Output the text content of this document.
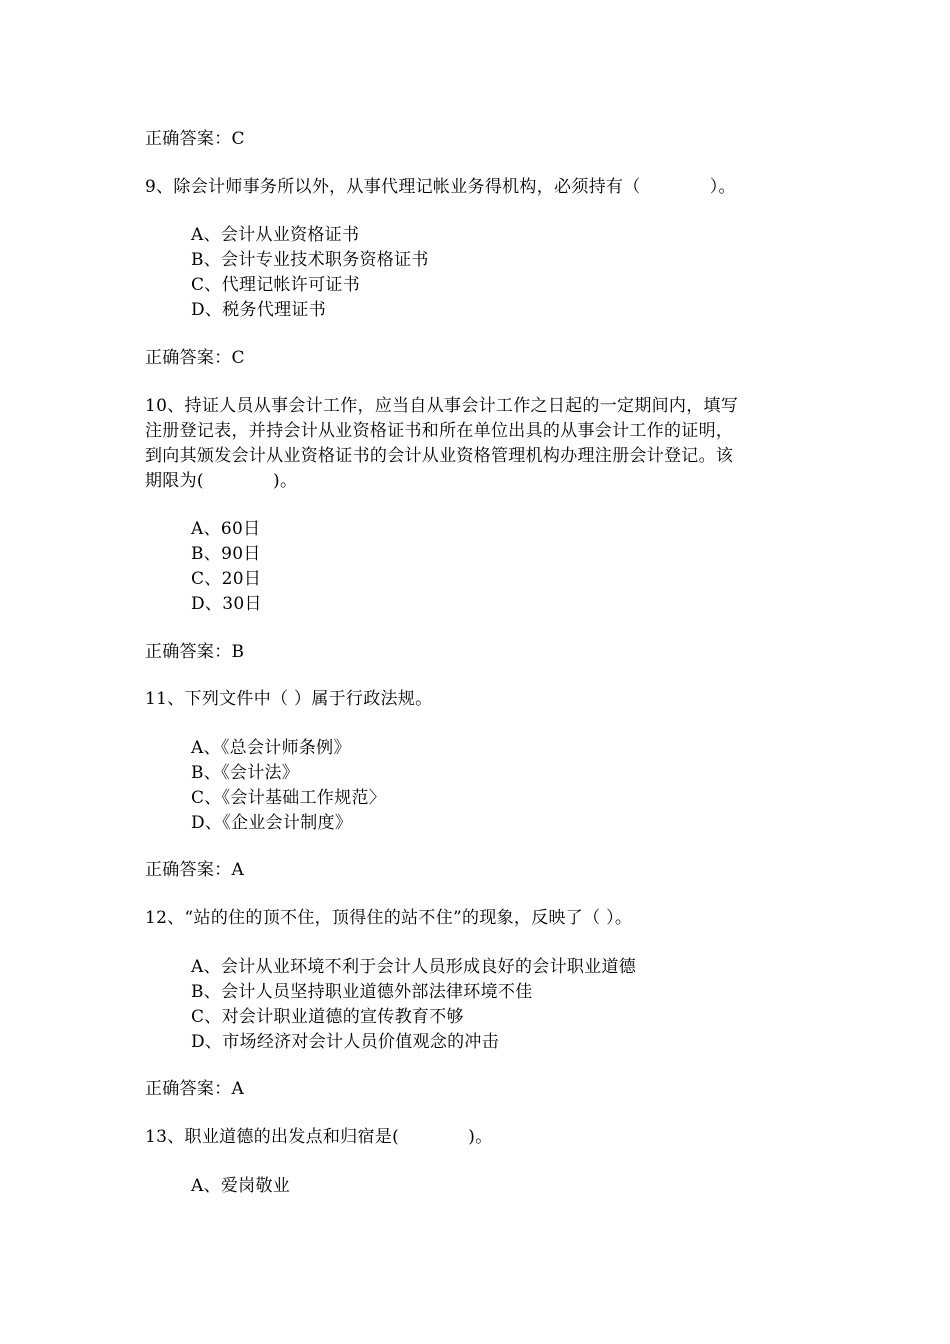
正确答案：C
9、除会计师事务所以外，从事代理记帐业务得机构，必须持有（　　　　）。
A、会计从业资格证书
B、会计专业技术职务资格证书
C、代理记帐许可证书
D、税务代理证书
正确答案：C
10、持证人员从事会计工作，应当自从事会计工作之日起的一定期间内，填写
注册登记表，并持会计从业资格证书和所在单位出具的从事会计工作的证明，
到向其颁发会计从业资格证书的会计从业资格管理机构办理注册会计登记。该
期限为(　　　　)。
A、60日
B、90日
C、20日
D、30日
正确答案：B
11、下列文件中（ ）属于行政法规。
A、《总会计师条例》
B、《会计法》
C、《会计基础工作规范〉
D、《企业会计制度》
正确答案：A
12、“站的住的顶不住，顶得住的站不住”的现象，反映了（ ）。
A、会计从业环境不利于会计人员形成良好的会计职业道德
B、会计人员坚持职业道德外部法律环境不佳
C、对会计职业道德的宣传教育不够
D、市场经济对会计人员价值观念的冲击
正确答案：A
13、职业道德的出发点和归宿是(　　　　)。
A、爱岗敬业
